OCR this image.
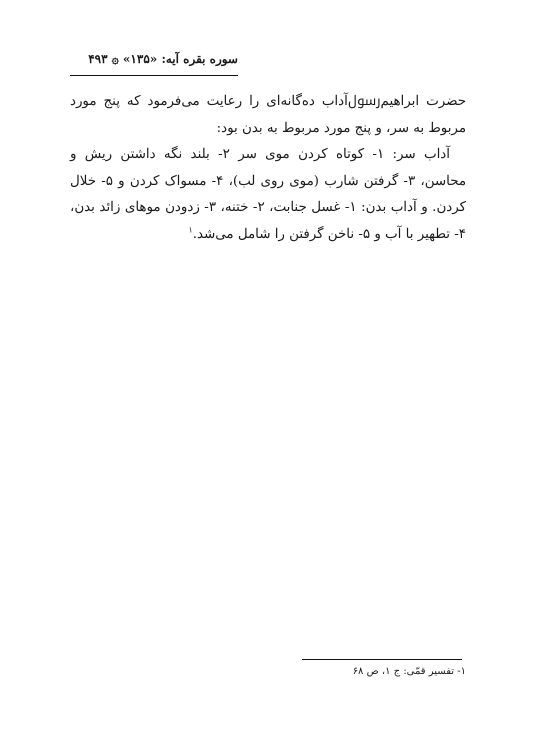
سوره بقره آیه: «۱۳۵» ۞ ۴۹۳

حضرت ابراهیمﷶآداب ده‌گانه‌ای را رعایت می‌فرمود که پنج مورد مربوط به سر، و پنج مورد مربوط به بدن بود:

آداب سر: ۱- کوتاه کردن موی سر ۲- بلند نگه داشتن ریش و محاسن، ۳- گرفتن شارب (موی روی لب)، ۴- مسواک کردن و ۵- خلال کردن. و آداب بدن: ۱- غسل جنابت، ۲- ختنه، ۳- زدودن موهای زائد بدن، ۴- تطهیر با آب و ۵- ناخن گرفتن را شامل می‌شد.$^۱$

۱- تفسیر قمّی: ج ۱، ص ۶۸
